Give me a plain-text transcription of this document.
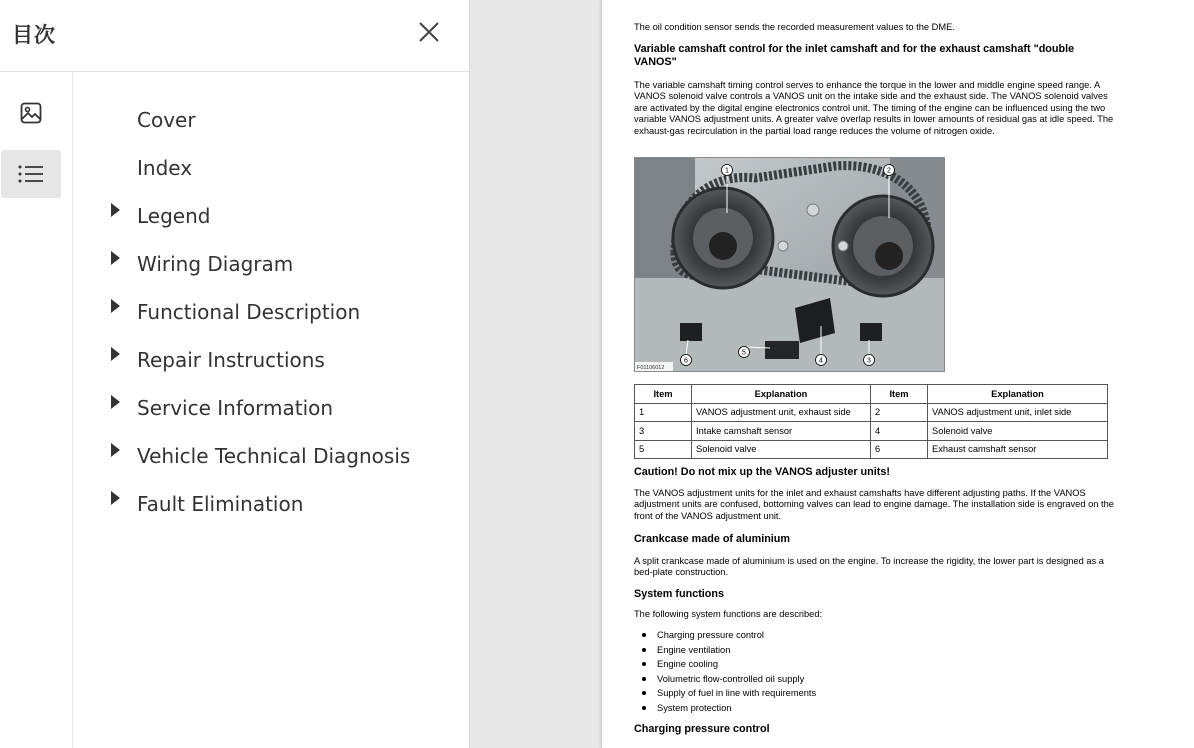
目次
Cover
Index
Legend
Wiring Diagram
Functional Description
Repair Instructions
Service Information
Vehicle Technical Diagnosis
Fault Elimination
The oil condition sensor sends the recorded measurement values to the DME.
Variable camshaft control for the inlet camshaft and for the exhaust camshaft "double VANOS"
The variable camshaft timing control serves to enhance the torque in the lower and middle engine speed range. A VANOS solenoid valve controls a VANOS unit on the intake side and the exhaust side. The VANOS solenoid valves are activated by the digital engine electronics control unit. The timing of the engine can be influenced using the two variable VANOS adjustment units. A greater valve overlap results in lower amounts of residual gas at idle speed. The exhaust-gas recirculation in the partial load range reduces the volume of nitrogen oxide.
1	2
3
4
5
6
F01106012
Item	Explanation	Item	Explanation
1	VANOS adjustment unit, exhaust side	2	VANOS adjustment unit, inlet side
3	Intake camshaft sensor	4	Solenoid valve
5	Solenoid valve	6	Exhaust camshaft sensor
Caution! Do not mix up the VANOS adjuster units!
The VANOS adjustment units for the inlet and exhaust camshafts have different adjusting paths. If the VANOS adjustment units are confused, bottoming valves can lead to engine damage. The installation side is engraved on the front of the VANOS adjustment unit.
Crankcase made of aluminium
A split crankcase made of aluminium is used on the engine. To increase the rigidity, the lower part is designed as a bed-plate construction.
System functions
The following system functions are described:
Charging pressure control
Engine ventilation
Engine cooling
Volumetric flow-controlled oil supply
Supply of fuel in line with requirements
System protection
Charging pressure control
